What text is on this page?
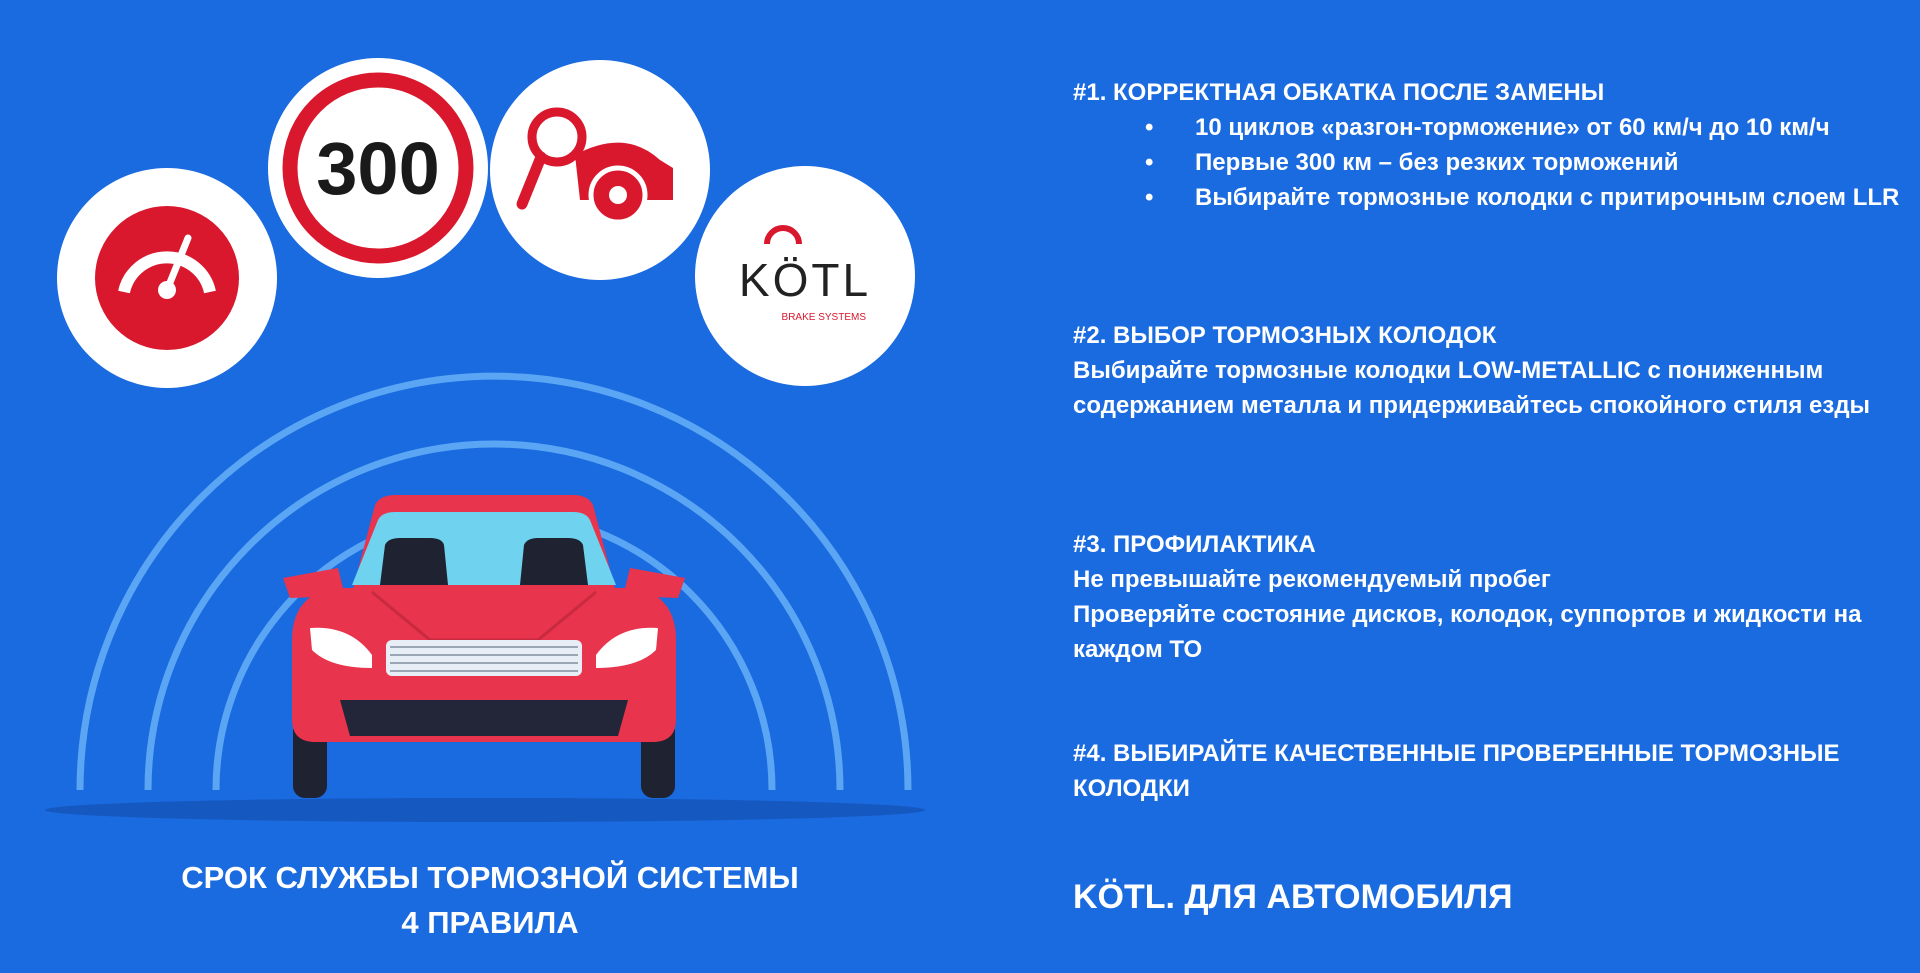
300
KÖTL
BRAKE SYSTEMS
СРОК СЛУЖБЫ ТОРМОЗНОЙ СИСТЕМЫ
4 ПРАВИЛА
#1. КОРРЕКТНАЯ ОБКАТКА ПОСЛЕ ЗАМЕНЫ
• 10 циклов «разгон-торможение» от 60 км/ч до 10 км/ч
• Первые 300 км – без резких торможений
• Выбирайте тормозные колодки с притирочным слоем LLR
#2. ВЫБОР ТОРМОЗНЫХ КОЛОДОК

Выбирайте тормозные колодки LOW-METALLIC с пониженным содержанием металла и придерживайтесь спокойного стиля езды

#3. ПРОФИЛАКТИКА

Не превышайте рекомендуемый пробег

Проверяйте состояние дисков, колодок, суппортов и жидкости на каждом ТО

#4. ВЫБИРАЙТЕ КАЧЕСТВЕННЫЕ ПРОВЕРЕННЫЕ ТОРМОЗНЫЕ КОЛОДКИ
KÖTL. ДЛЯ АВТОМОБИЛЯ
